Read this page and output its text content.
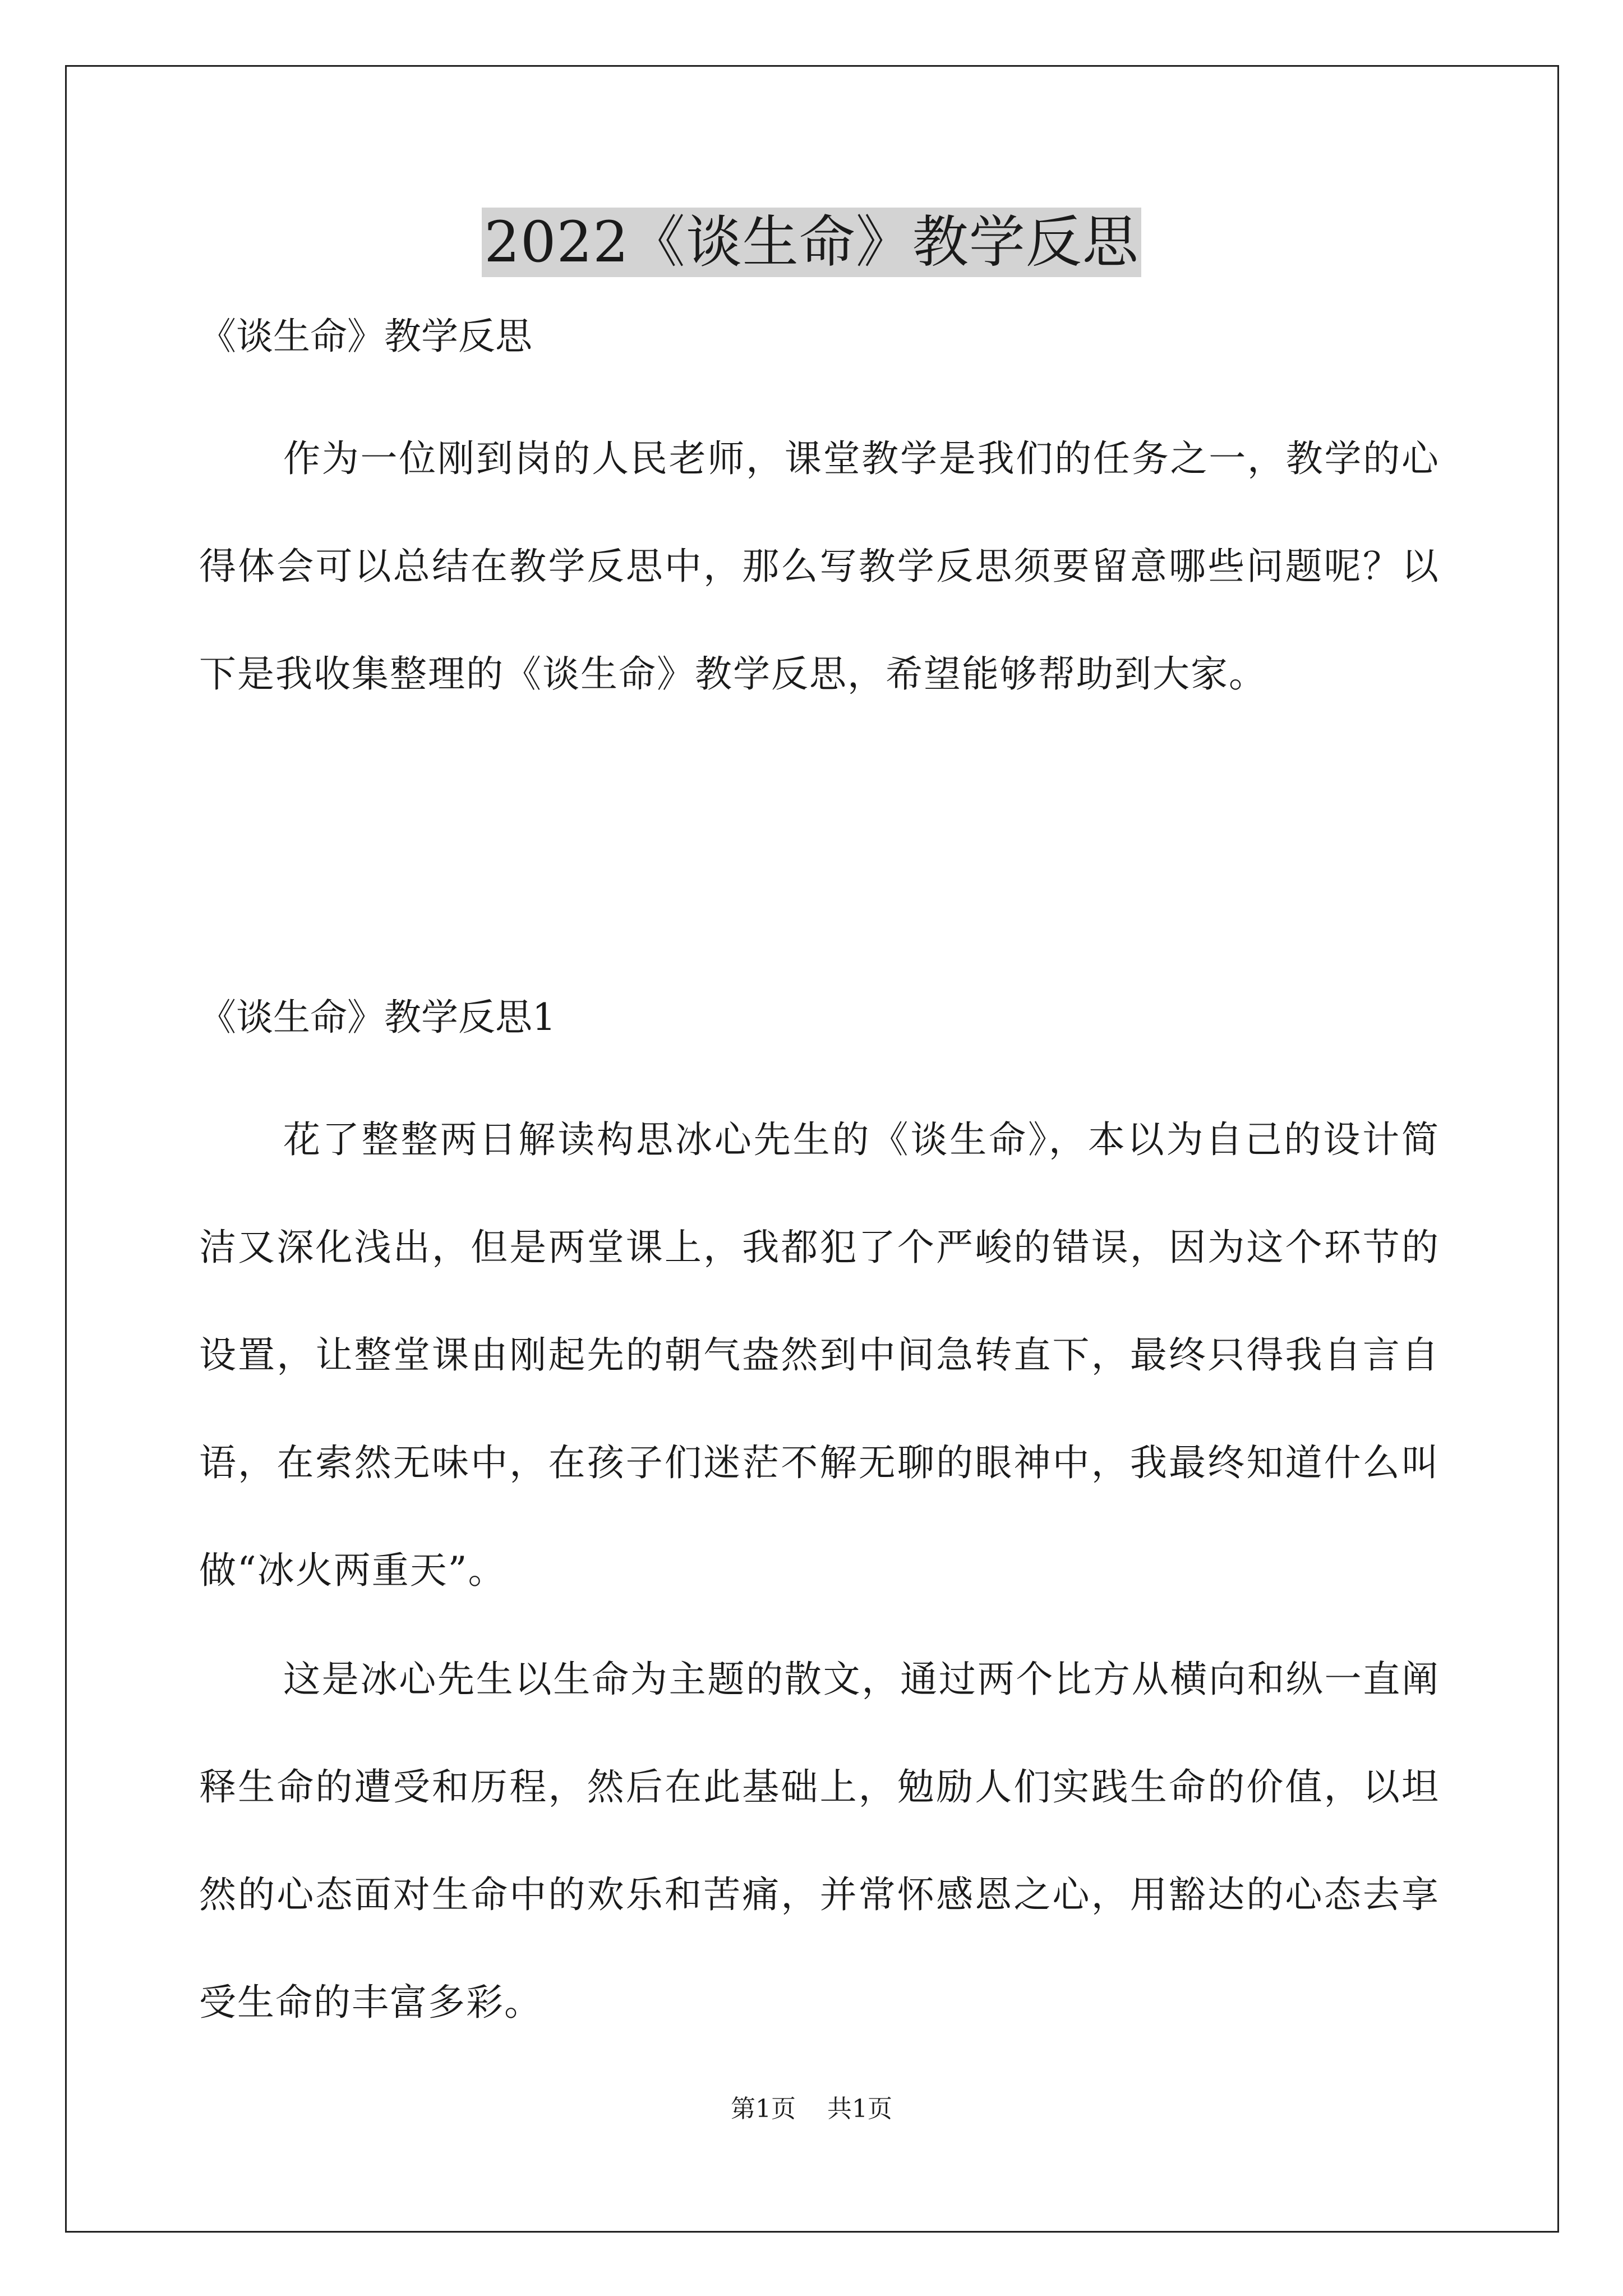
2022《谈生命》教学反思
《谈生命》教学反思

作为一位刚到岗的人民老师，课堂教学是我们的任务之一，教学的心得体会可以总结在教学反思中，那么写教学反思须要留意哪些问题呢？以下是我收集整理的《谈生命》教学反思，希望能够帮助到大家。

《谈生命》教学反思1

花了整整两日解读构思冰心先生的《谈生命》，本以为自己的设计简洁又深化浅出，但是两堂课上，我都犯了个严峻的错误，因为这个环节的设置，让整堂课由刚起先的朝气盎然到中间急转直下，最终只得我自言自语，在索然无味中，在孩子们迷茫不解无聊的眼神中，我最终知道什么叫做“冰火两重天”。

这是冰心先生以生命为主题的散文，通过两个比方从横向和纵一直阐释生命的遭受和历程，然后在此基础上，勉励人们实践生命的价值，以坦然的心态面对生命中的欢乐和苦痛，并常怀感恩之心，用豁达的心态去享受生命的丰富多彩。

第1页 共1页
